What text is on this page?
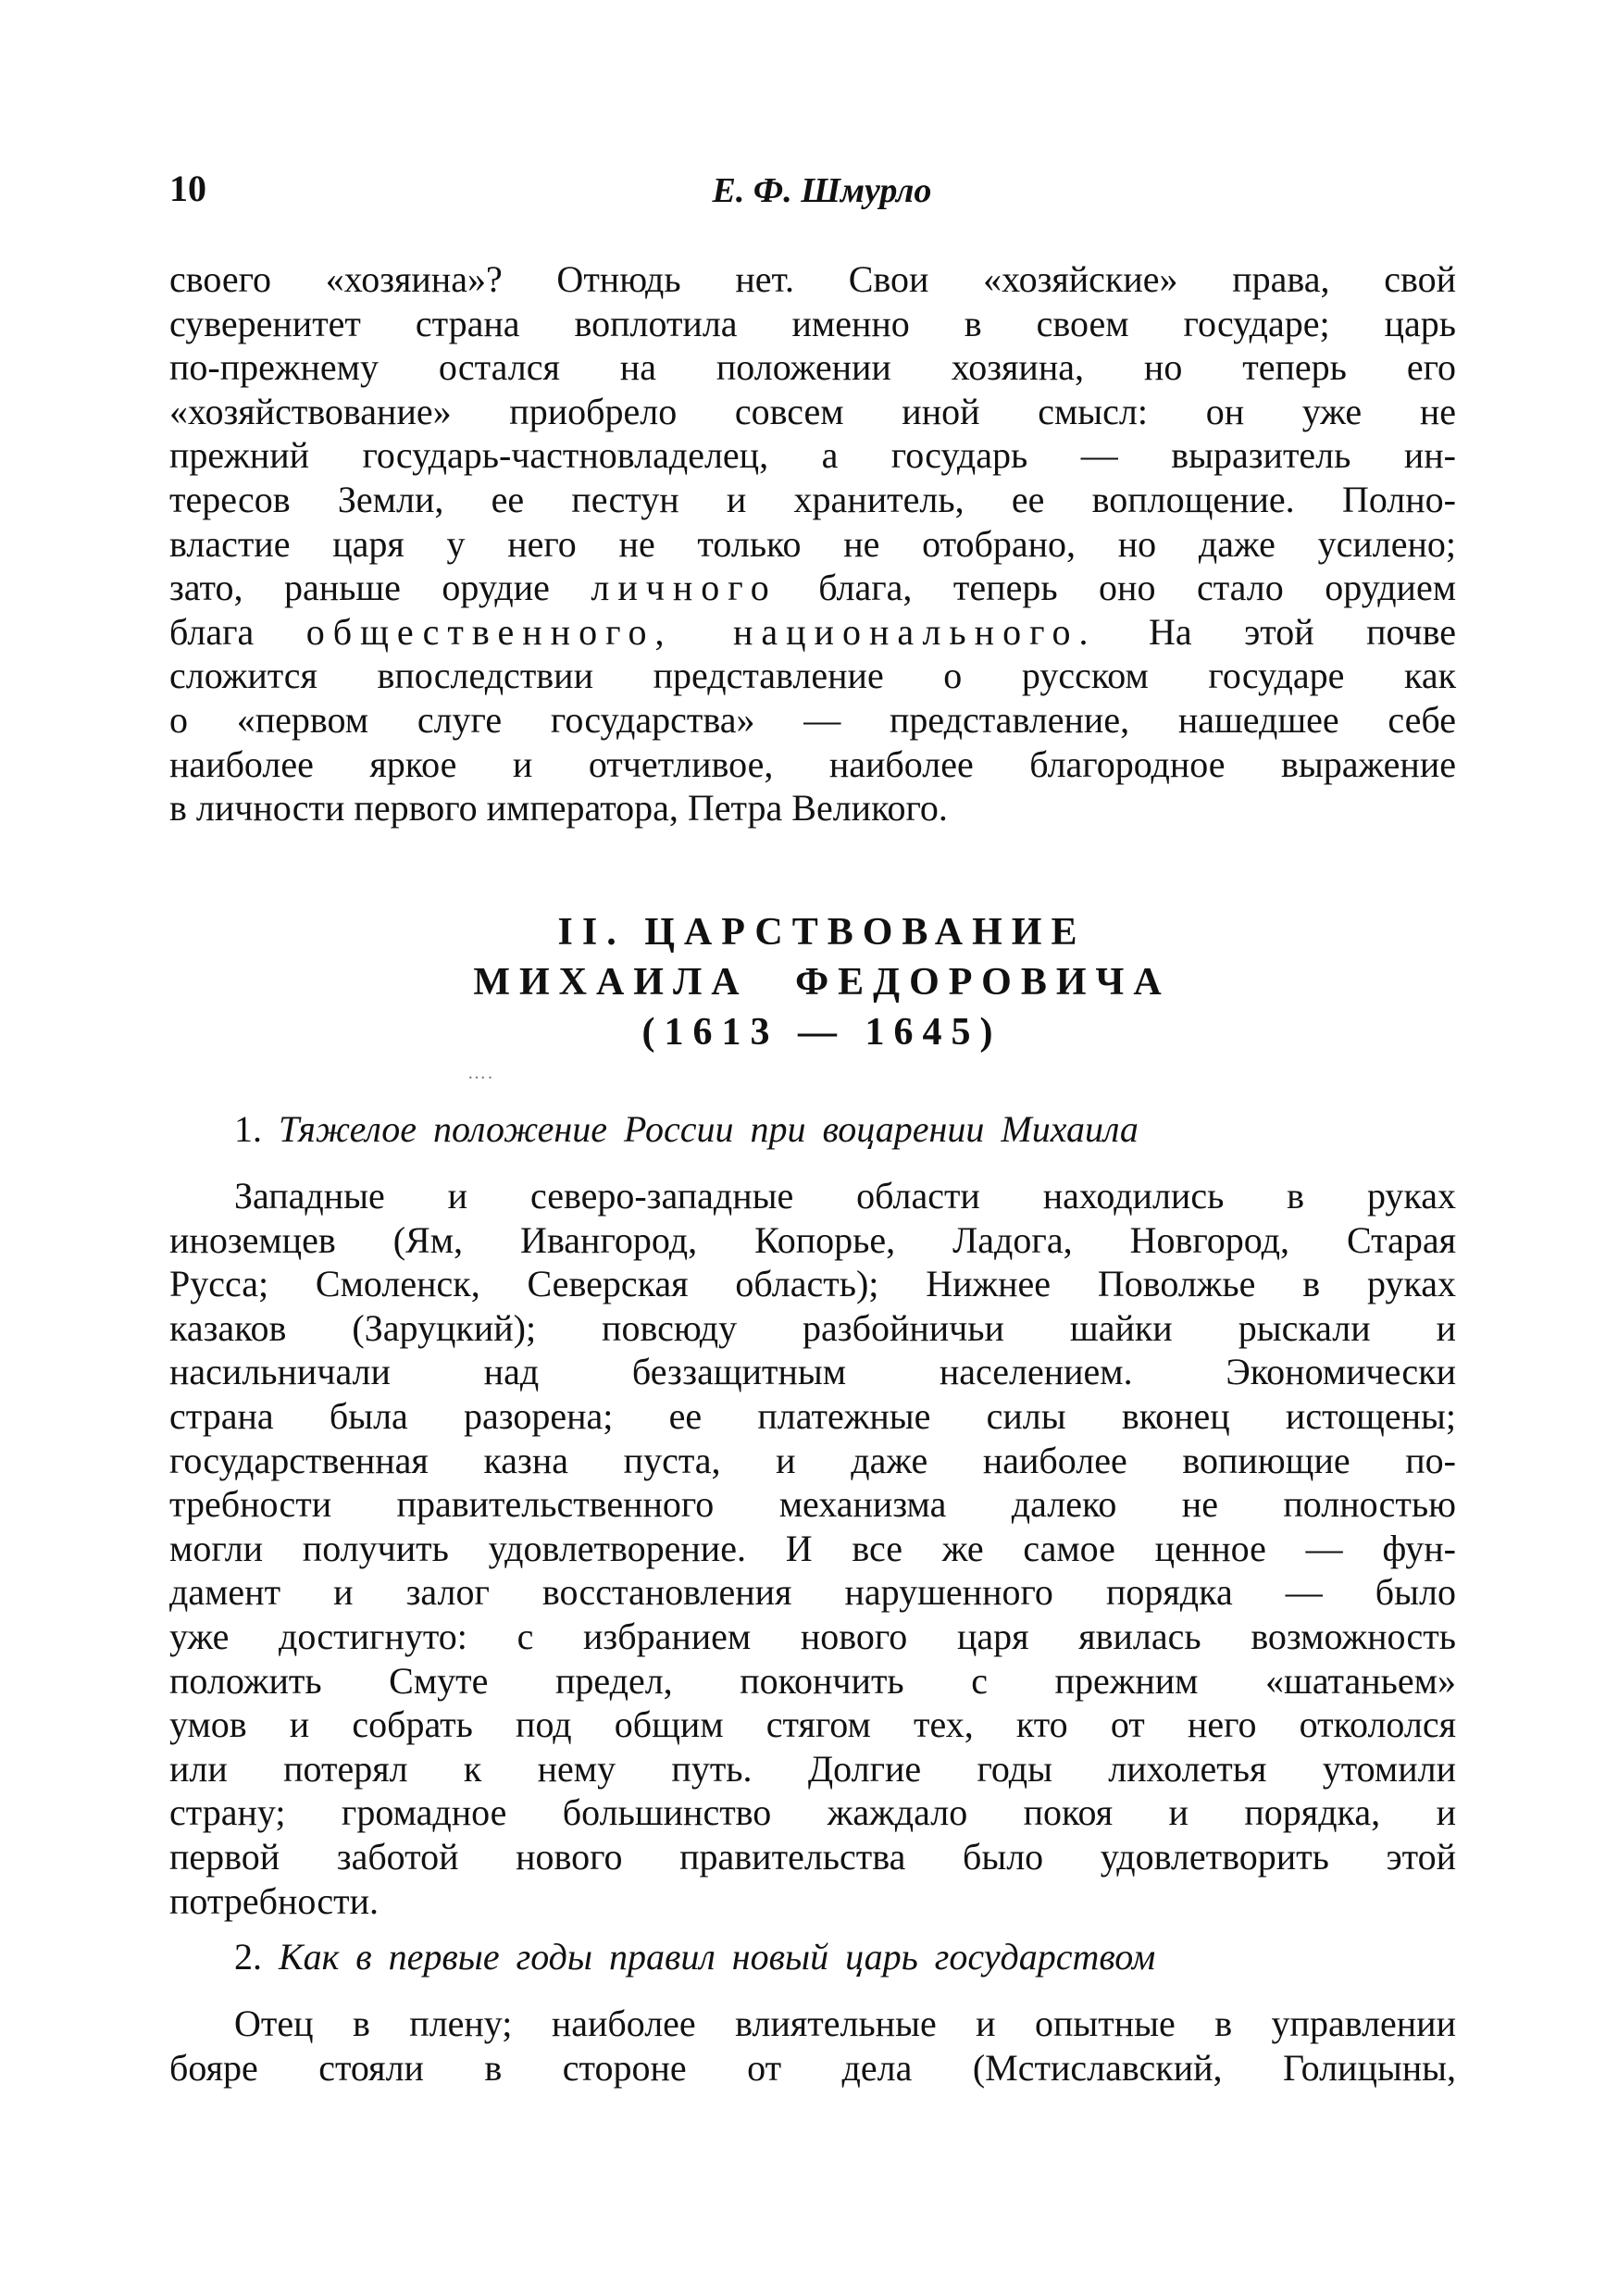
10	Е. Ф. Шмурло
своего «хозяина»? Отнюдь нет. Свои «хозяйские» права, свой
суверенитет страна воплотила именно в своем государе; царь
по-прежнему остался на положении хозяина, но теперь его
«хозяйствование» приобрело совсем иной смысл: он уже не
прежний государь-частновладелец, а государь — выразитель ин-
тересов Земли, ее пестун и хранитель, ее воплощение. Полно-
властие царя у него не только не отобрано, но даже усилено;
зато, раньше орудие личного блага, теперь оно стало орудием
блага общественного, национального. На этой почве
сложится впоследствии представление о русском государе как
о «первом слуге государства» — представление, нашедшее себе
наиболее яркое и отчетливое, наиболее благородное выражение
в личности первого императора, Петра Великого.
II. ЦАРСТВОВАНИЕ
МИХАИЛА ФЕДОРОВИЧА
(1613 — 1645)
….
1. Тяжелое положение России при воцарении Михаила
Западные и северо-западные области находились в руках
иноземцев (Ям, Ивангород, Копорье, Ладога, Новгород, Старая
Русса; Смоленск, Северская область); Нижнее Поволжье в руках
казаков (Заруцкий); повсюду разбойничьи шайки рыскали и
насильничали над беззащитным населением. Экономически
страна была разорена; ее платежные силы вконец истощены;
государственная казна пуста, и даже наиболее вопиющие по-
требности правительственного механизма далеко не полностью
могли получить удовлетворение. И все же самое ценное — фун-
дамент и залог восстановления нарушенного порядка — было
уже достигнуто: с избранием нового царя явилась возможность
положить Смуте предел, покончить с прежним «шатаньем»
умов и собрать под общим стягом тех, кто от него откололся
или потерял к нему путь. Долгие годы лихолетья утомили
страну; громадное большинство жаждало покоя и порядка, и
первой заботой нового правительства было удовлетворить этой
потребности.
2. Как в первые годы правил новый царь государством
Отец в плену; наиболее влиятельные и опытные в управлении
бояре стояли в стороне от дела (Мстиславский, Голицыны,
